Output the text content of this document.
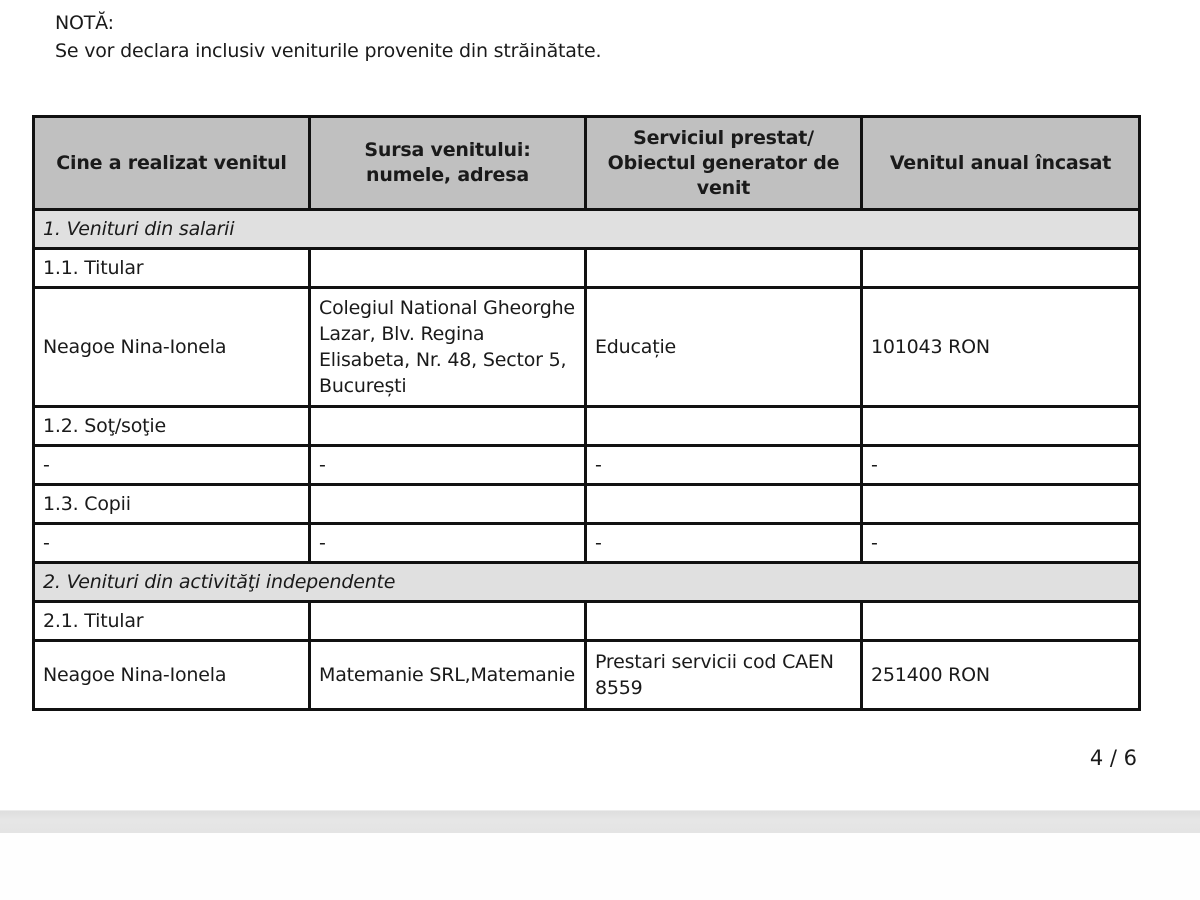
NOTĂ:
Se vor declara inclusiv veniturile provenite din străinătate.
Cine a realizat venitul	Sursa venitului: numele, adresa	Serviciul prestat/ Obiectul generator de venit	Venitul anual încasat
1. Venituri din salarii			
1.1. Titular			
Neagoe Nina-Ionela	Colegiul National Gheorghe Lazar, Blv. Regina Elisabeta, Nr. 48, Sector 5, București	Educație	101043 RON
1.2. Soţ/soţie			
-	-	-	-
1.3. Copii			
-	-	-	-
2. Venituri din activităţi independente			
2.1. Titular			
Neagoe Nina-Ionela	Matemanie SRL,Matemanie	Prestari servicii cod CAEN 8559	251400 RON
4 / 6
